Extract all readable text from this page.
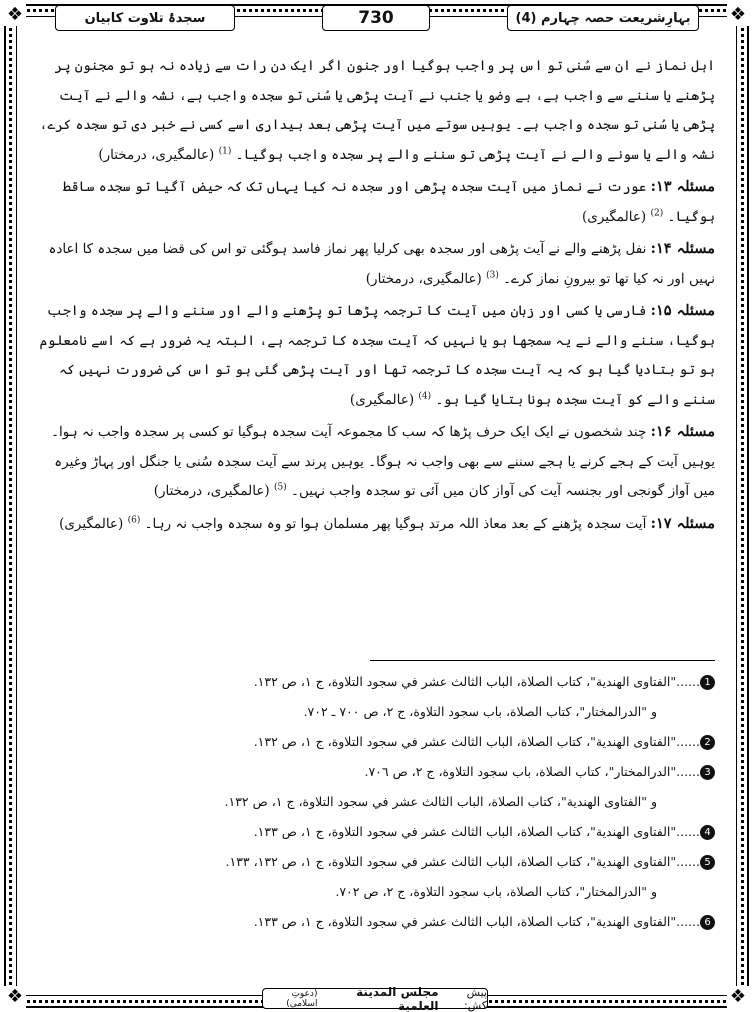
❖	❖
❖	❖
بہارِشریعت حصہ چہارم (4)
730
سجدۂ تلاوت کابیان

اہل نماز نے ان سے سُنی تو اس پر واجب ہوگیا اور جنون اگر ایک دن رات سے زیادہ نہ ہو تو مجنون پر پڑھنے یا سننے سے واجب ہے، بے وضو یا جنب نے آیت پڑھی یا سُنی تو سجدہ واجب ہے، نشہ والے نے آیت پڑھی یا سُنی تو سجدہ واجب ہے۔ یوہیں سوتے میں آیت پڑھی بعد بیداری اسے کسی نے خبر دی تو سجدہ کرے، نشہ والے یا سونے والے نے آیت پڑھی تو سننے والے پر سجدہ واجب ہوگیا۔ $^{(1)}$ (عالمگیری، درمختار)

مسئلہ ۱۳: عورت نے نماز میں آیت سجدہ پڑھی اور سجدہ نہ کیا یہاں تک کہ حیض آگیا تو سجدہ ساقط ہوگیا۔ $^{(2)}$ (عالمگیری)

مسئلہ ۱۴: نفل پڑھنے والے نے آیت پڑھی اور سجدہ بھی کرلیا پھر نماز فاسد ہوگئی تو اس کی قضا میں سجدہ کا اعادہ نہیں اور نہ کیا تھا تو بیرونِ نماز کرے۔ $^{(3)}$ (عالمگیری، درمختار)

مسئلہ ۱۵: فارسی یا کسی اور زبان میں آیت کا ترجمہ پڑھا تو پڑھنے والے اور سننے والے پر سجدہ واجب ہوگیا، سننے والے نے یہ سمجھا ہو یا نہیں کہ آیت سجدہ کا ترجمہ ہے، البتہ یہ ضرور ہے کہ اسے نامعلوم ہو تو بتادیا گیا ہو کہ یہ آیت سجدہ کا ترجمہ تھا اور آیت پڑھی گئی ہو تو اس کی ضرورت نہیں کہ سننے والے کو آیت سجدہ ہونا بتایا گیا ہو۔ $^{(4)}$ (عالمگیری)

مسئلہ ۱۶: چند شخصوں نے ایک ایک حرف پڑھا کہ سب کا مجموعہ آیت سجدہ ہوگیا تو کسی پر سجدہ واجب نہ ہوا۔ یوہیں آیت کے ہجے کرنے یا ہجے سننے سے بھی واجب نہ ہوگا۔ یوہیں پرند سے آیت سجدہ سُنی یا جنگل اور پہاڑ وغیرہ میں آواز گونجی اور بجنسہ آیت کی آواز کان میں آئی تو سجدہ واجب نہیں۔ $^{(5)}$ (عالمگیری، درمختار)

مسئلہ ۱۷: آیت سجدہ پڑھنے کے بعد معاذ اللہ مرتد ہوگیا پھر مسلمان ہوا تو وہ سجدہ واجب نہ رہا۔ $^{(6)}$ (عالمگیری)

1......"الفتاوى الهندية"، كتاب الصلاة، الباب الثالث عشر في سجود التلاوة، ج ١، ص ١٣٢.
و "الدرالمختار"، كتاب الصلاة، باب سجود التلاوة، ج ٢، ص ٧٠٠ ـ ٧٠٢.
2......"الفتاوى الهندية"، كتاب الصلاة، الباب الثالث عشر في سجود التلاوة، ج ١، ص ١٣٢.
3......"الدرالمختار"، كتاب الصلاة، باب سجود التلاوة، ج ٢، ص ٧٠٦.
و "الفتاوى الهندية"، كتاب الصلاة، الباب الثالث عشر في سجود التلاوة، ج ١، ص ١٣٢.
4......"الفتاوى الهندية"، كتاب الصلاة، الباب الثالث عشر في سجود التلاوة، ج ١، ص ١٣٣.
5......"الفتاوى الهندية"، كتاب الصلاة، الباب الثالث عشر في سجود التلاوة، ج ١، ص ١٣٢، ١٣٣.
و "الدرالمختار"، كتاب الصلاة، باب سجود التلاوة، ج ٢، ص ٧٠٢.
6......"الفتاوى الهندية"، كتاب الصلاة، الباب الثالث عشر في سجود التلاوة، ج ١، ص ١٣٣.
پیش کش:
مجلس المدينة العلمية
(دعوتِ اسلامی)
